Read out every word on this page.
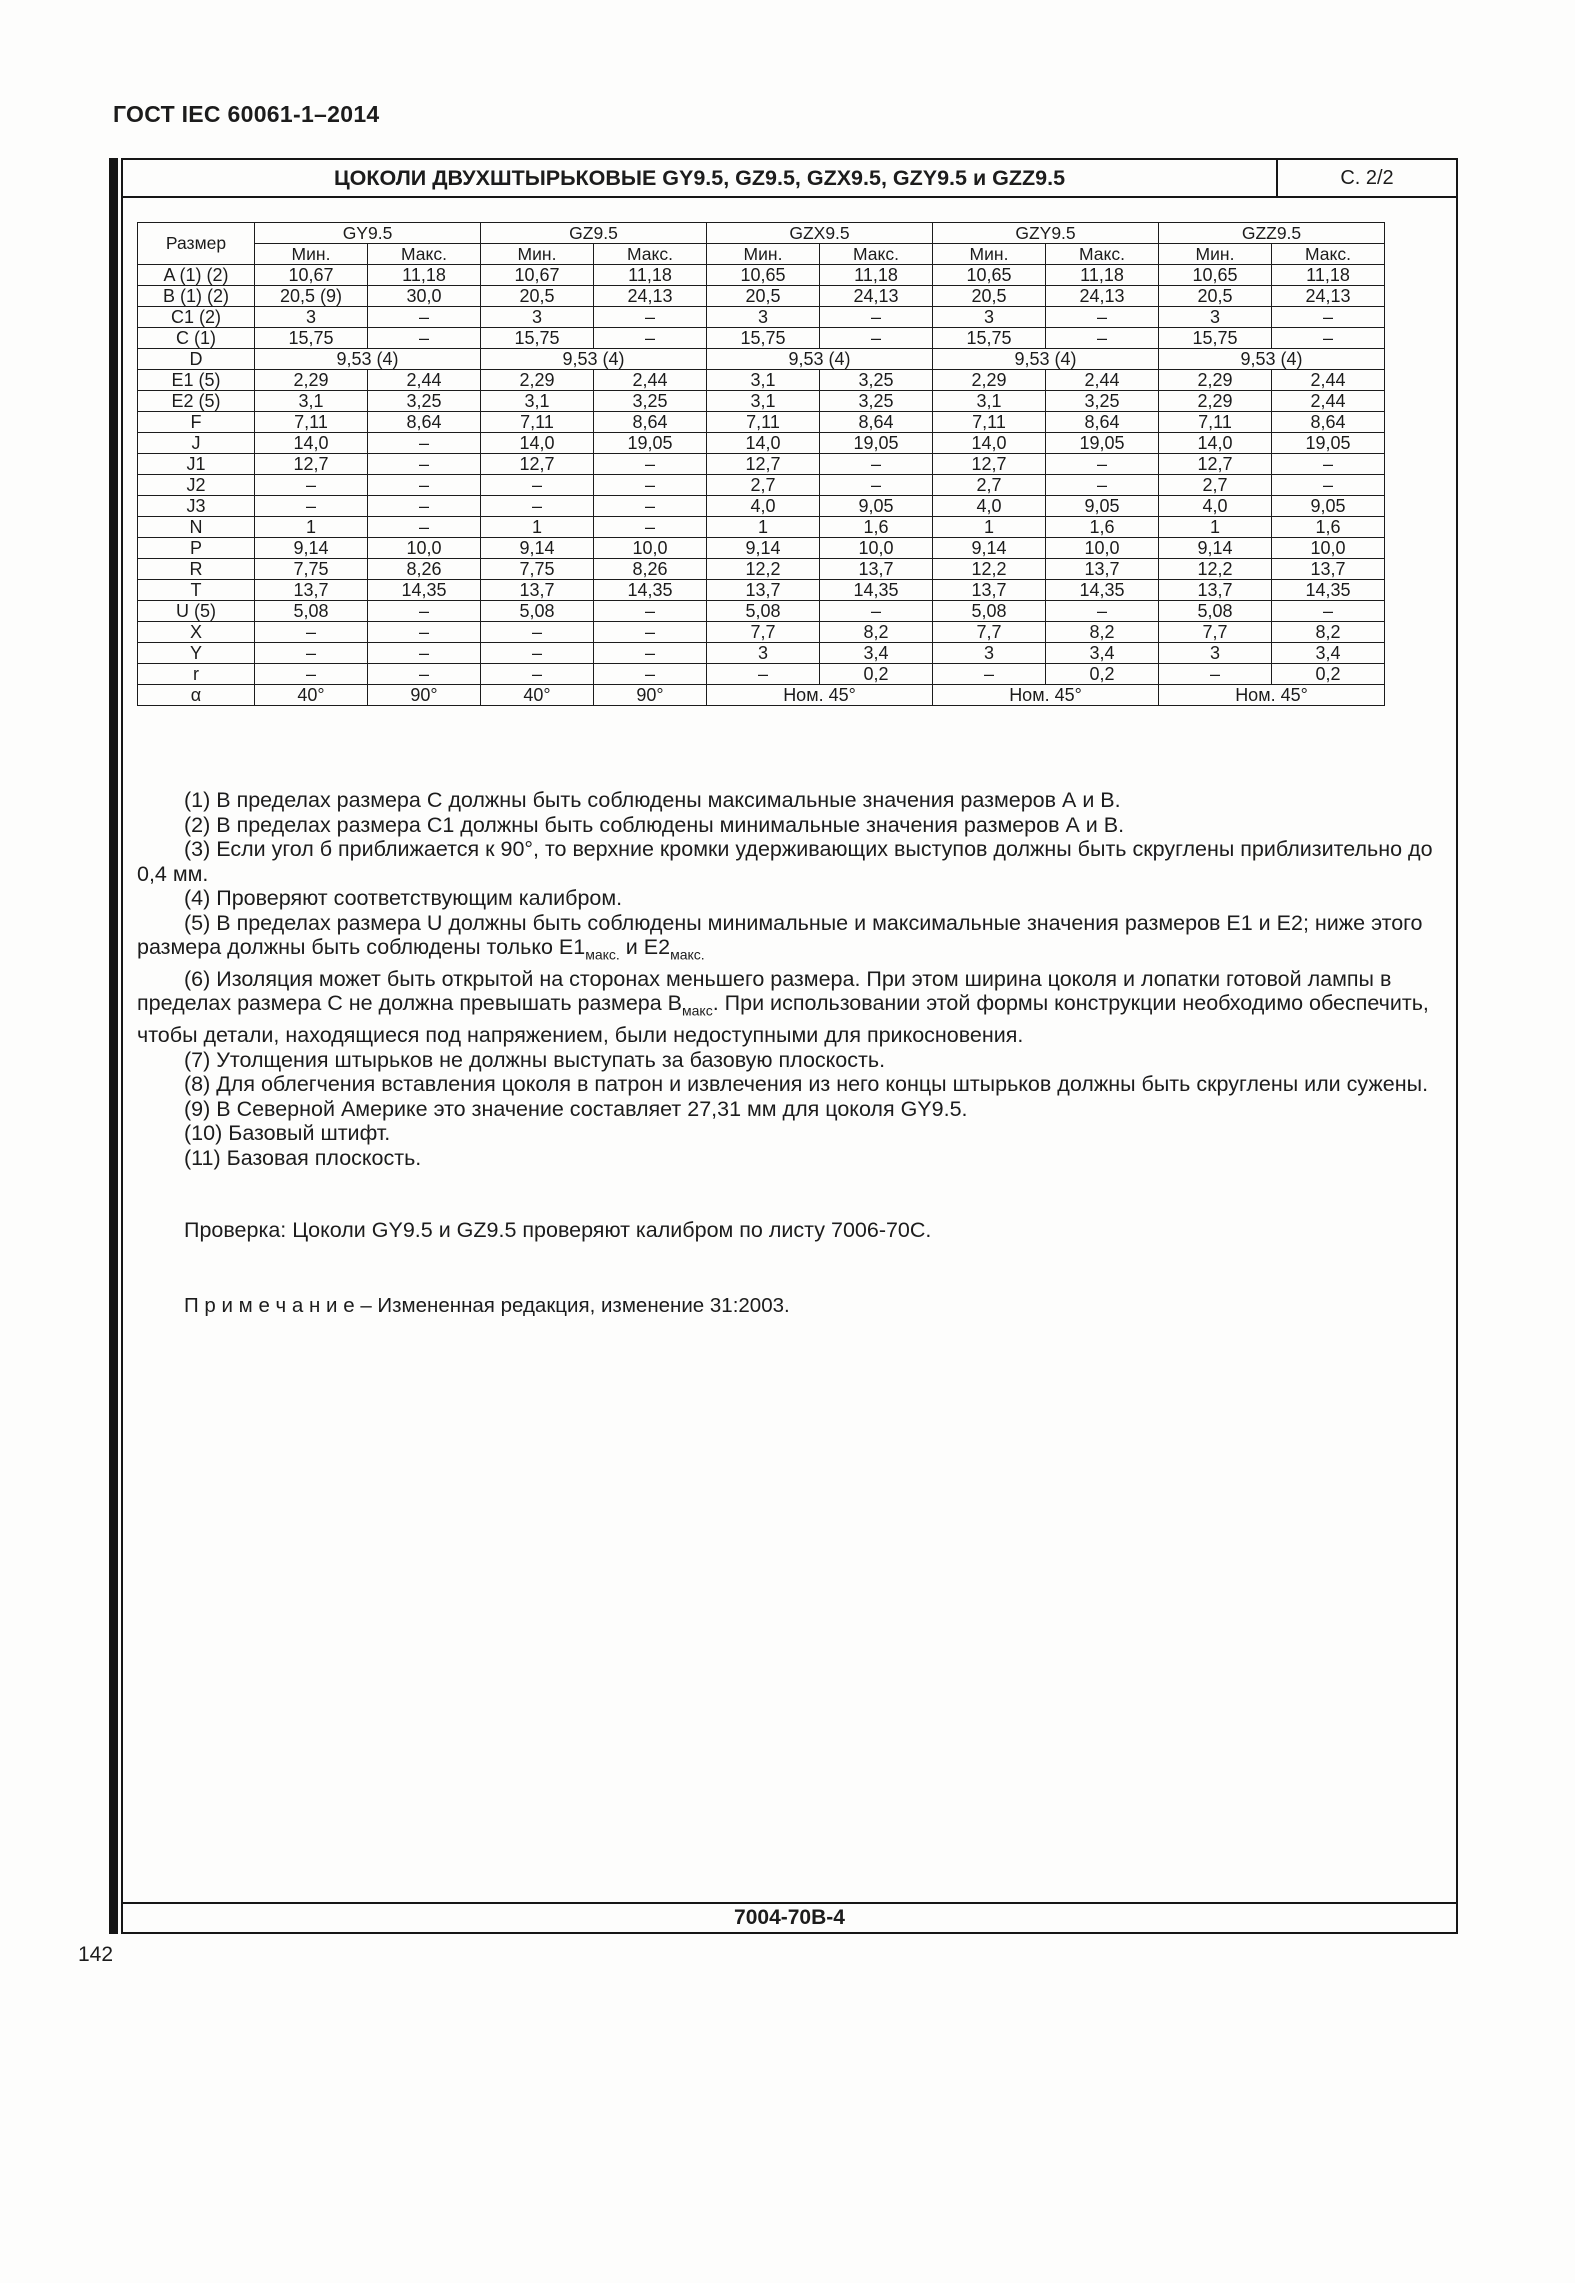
ГОСТ IEC 60061-1–2014
ЦОКОЛИ ДВУХШТЫРЬКОВЫЕ GY9.5, GZ9.5, GZX9.5, GZY9.5 и GZZ9.5	С. 2/2
Размер	GY9.5		GZ9.5		GZX9.5		GZY9.5		GZZ9.5	
	Мин.	Макс.	Мин.	Макс.	Мин.	Макс.	Мин.	Макс.	Мин.	Макс.
A (1) (2)	10,67	11,18	10,67	11,18	10,65	11,18	10,65	11,18	10,65	11,18
B (1) (2)	20,5 (9)	30,0	20,5	24,13	20,5	24,13	20,5	24,13	20,5	24,13
C1 (2)	3	–	3	–	3	–	3	–	3	–
C (1)	15,75	–	15,75	–	15,75	–	15,75	–	15,75	–
D	9,53 (4)		9,53 (4)		9,53 (4)		9,53 (4)		9,53 (4)	
E1 (5)	2,29	2,44	2,29	2,44	3,1	3,25	2,29	2,44	2,29	2,44
E2 (5)	3,1	3,25	3,1	3,25	3,1	3,25	3,1	3,25	2,29	2,44
F	7,11	8,64	7,11	8,64	7,11	8,64	7,11	8,64	7,11	8,64
J	14,0	–	14,0	19,05	14,0	19,05	14,0	19,05	14,0	19,05
J1	12,7	–	12,7	–	12,7	–	12,7	–	12,7	–
J2	–	–	–	–	2,7	–	2,7	–	2,7	–
J3	–	–	–	–	4,0	9,05	4,0	9,05	4,0	9,05
N	1	–	1	–	1	1,6	1	1,6	1	1,6
P	9,14	10,0	9,14	10,0	9,14	10,0	9,14	10,0	9,14	10,0
R	7,75	8,26	7,75	8,26	12,2	13,7	12,2	13,7	12,2	13,7
T	13,7	14,35	13,7	14,35	13,7	14,35	13,7	14,35	13,7	14,35
U (5)	5,08	–	5,08	–	5,08	–	5,08	–	5,08	–
X	–	–	–	–	7,7	8,2	7,7	8,2	7,7	8,2
Y	–	–	–	–	3	3,4	3	3,4	3	3,4
r	–	–	–	–	–	0,2	–	0,2	–	0,2
α	40°	90°	40°	90°	Ном. 45°		Ном. 45°		Ном. 45°	

(1) В пределах размера С должны быть соблюдены максимальные значения размеров А и В.

(2) В пределах размера С1 должны быть соблюдены минимальные значения размеров А и В.

(3) Если угол б приближается к 90°, то верхние кромки удерживающих выступов должны быть скруглены приблизительно до 0,4 мм.

(4) Проверяют соответствующим калибром.

(5) В пределах размера U должны быть соблюдены минимальные и максимальные значения размеров Е1 и Е2; ниже этого размера должны быть соблюдены только $Е1_{макс.}$ и $Е2_{макс.}$

(6) Изоляция может быть открытой на сторонах меньшего размера. При этом ширина цоколя и лопатки готовой лампы в пределах размера С не должна превышать размера $В_{макс}$. При использовании этой формы конструкции необходимо обеспечить, чтобы детали, находящиеся под напряжением, были недоступными для прикосновения.

(7) Утолщения штырьков не должны выступать за базовую плоскость.

(8) Для облегчения вставления цоколя в патрон и извлечения из него концы штырьков должны быть скруглены или сужены.

(9) В Северной Америке это значение составляет 27,31 мм для цоколя GY9.5.

(10) Базовый штифт.

(11) Базовая плоскость.

Проверка: Цоколи GY9.5 и GZ9.5 проверяют калибром по листу 7006-70С.

П р и м е ч а н и е – Измененная редакция, изменение 31:2003.

7004-70В-4
142
